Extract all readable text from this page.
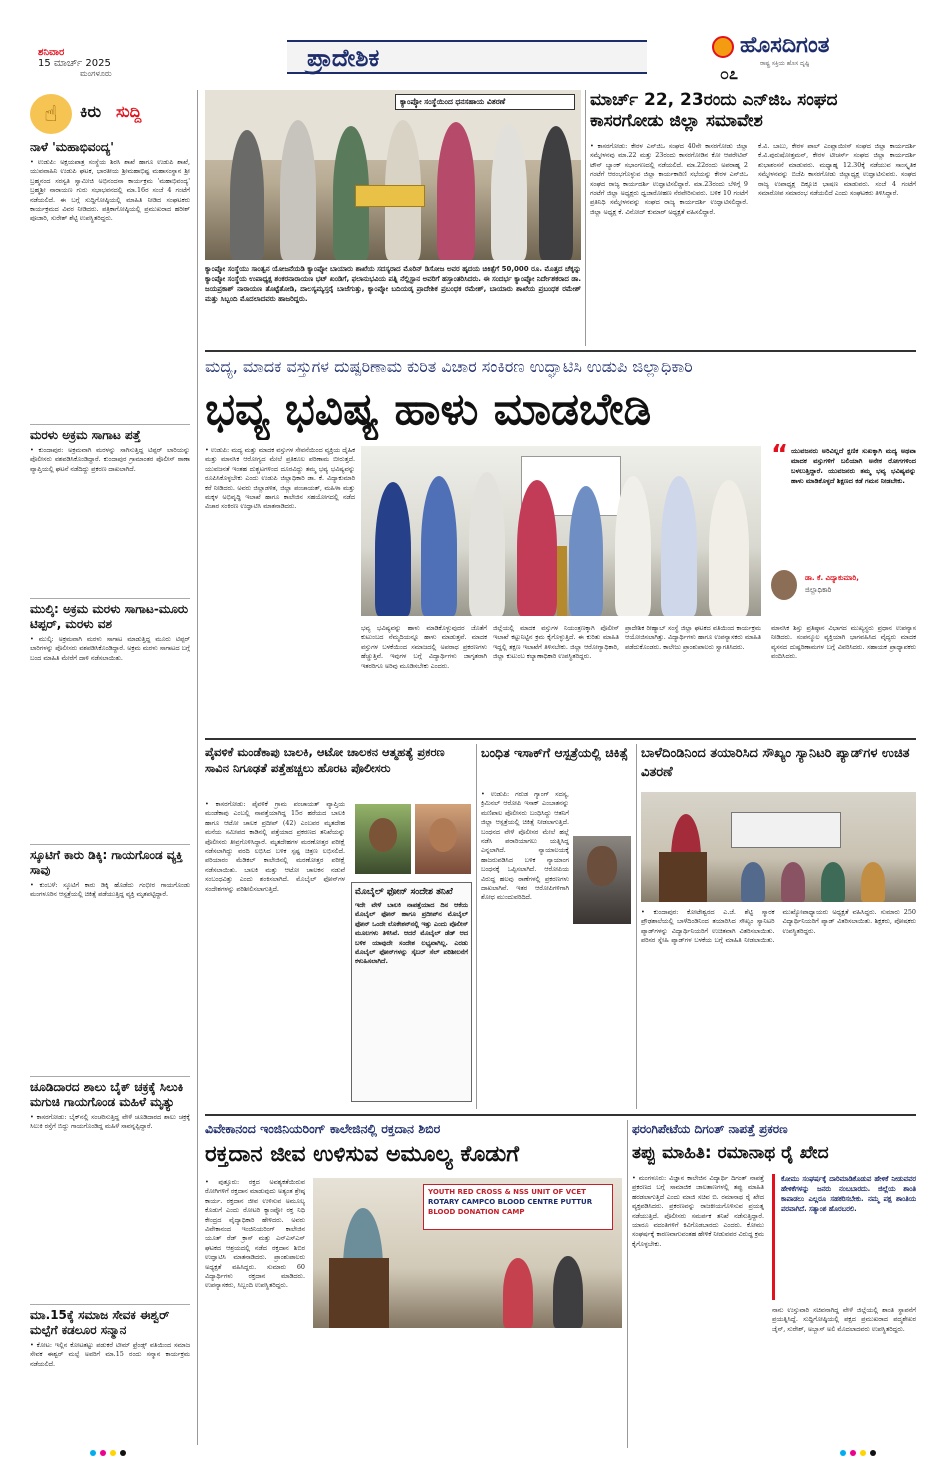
ಶನಿವಾರ
15 ಮಾರ್ಚ್ 2025
ಮಂಗಳೂರು
ಪ್ರಾದೇಶಿಕ	ಹೊಸದಿಗಂತ
ರಾಷ್ಟ್ರ ಸಕ್ತಿಯ ಹೊಸ ದೃಷ್ಟಿ
೦೭
☝	ಕಿರು ಸುದ್ದಿ
ನಾಳೆ 'ಮಹಾಭಿವಂದ್ಯ'
• ಉಡುಪಿ: ಅಕ್ಷಯಪಾತ್ರ ಸಂಸ್ಥೆಯ ಶಿರಸಿ ಶಾಖೆ ಹಾಗೂ ಉಡುಪಿ ಶಾಖೆ, ಯುವವಾಹಿನಿ ಉಡುಪಿ ಘಟಕ, ಭಾರತೀಯ ಶ್ರೀಮಹಾಭಿಷ್ಟ ಮಹಾಸಂಸ್ಥಾನ ಶ್ರೀ ಬ್ರಹ್ಮನಂದ ಸರಸ್ವತಿ ಸ್ವಾಮೀಜಿ ಅಭಿನಂದನಾ ಕಾರ್ಯಕ್ರಮ 'ಮಹಾಭಿವಂದ್ಯ' ಬ್ರಹ್ಮಶ್ರೀ ನಾರಾಯಣ ಗುರು ಸಭಾಭವನದಲ್ಲಿ ಮಾ.16ರ ಸಂಜೆ 4 ಗಂಟೆಗೆ ನಡೆಯಲಿದೆ. ಈ ಬಗ್ಗೆ ಸುದ್ದಿಗೋಷ್ಠಿಯಲ್ಲಿ ಮಾಹಿತಿ ನೀಡಿದ ಸಂಘಟಕರು ಕಾರ್ಯಕ್ರಮದ ವಿವರ ನೀಡಿದರು. ಪತ್ರಿಕಾಗೋಷ್ಠಿಯಲ್ಲಿ ಪ್ರಮುಖರಾದ ಹರೀಶ್ ಪೂಜಾರಿ, ಸುರೇಶ್ ಶೆಟ್ಟಿ ಉಪಸ್ಥಿತರಿದ್ದರು.
ಮರಳು ಅಕ್ರಮ ಸಾಗಾಟ ಪತ್ತೆ
• ಕುಂದಾಪುರ: ಅಕ್ರಮವಾಗಿ ಮರಳನ್ನು ಸಾಗಿಸುತ್ತಿದ್ದ ಟಿಪ್ಪರ್ ಲಾರಿಯನ್ನು ಪೊಲೀಸರು ವಶಪಡಿಸಿಕೊಂಡಿದ್ದಾರೆ. ಕುಂದಾಪುರ ಗ್ರಾಮಾಂತರ ಪೊಲೀಸ್ ಠಾಣಾ ವ್ಯಾಪ್ತಿಯಲ್ಲಿ ಘಟನೆ ನಡೆದಿದ್ದು ಪ್ರಕರಣ ದಾಖಲಾಗಿದೆ.
ಮುಲ್ಕಿ: ಅಕ್ರಮ ಮರಳು ಸಾಗಾಟ-ಮೂರು ಟಿಪ್ಪರ್, ಮರಳು ವಶ
• ಮುಲ್ಕಿ: ಅಕ್ರಮವಾಗಿ ಮರಳು ಸಾಗಾಟ ಮಾಡುತ್ತಿದ್ದ ಮೂರು ಟಿಪ್ಪರ್ ಲಾರಿಗಳನ್ನು ಪೊಲೀಸರು ವಶಪಡಿಸಿಕೊಂಡಿದ್ದಾರೆ. ಅಕ್ರಮ ಮರಳು ಸಾಗಾಟದ ಬಗ್ಗೆ ಬಂದ ಮಾಹಿತಿ ಮೇರೆಗೆ ದಾಳಿ ನಡೆಸಲಾಯಿತು.
ಸ್ಕೂಟಿಗೆ ಕಾರು ಡಿಕ್ಕಿ: ಗಾಯಗೊಂಡ ವ್ಯಕ್ತಿ ಸಾವು
• ಕುಂಬಳೆ: ಸ್ಕೂಟಿಗೆ ಕಾರು ಡಿಕ್ಕಿ ಹೊಡೆದು ಗಂಭೀರ ಗಾಯಗೊಂಡು ಮಂಗಳೂರಿನ ಆಸ್ಪತ್ರೆಯಲ್ಲಿ ಚಿಕಿತ್ಸೆ ಪಡೆಯುತ್ತಿದ್ದ ವ್ಯಕ್ತಿ ಮೃತಪಟ್ಟಿದ್ದಾರೆ.
ಚೂಡಿದಾರದ ಶಾಲು ಬೈಕ್ ಚಕ್ರಕ್ಕೆ ಸಿಲುಕಿ ಮಗುಚಿ ಗಾಯಗೊಂಡ ಮಹಿಳೆ ಮೃತ್ಯು
• ಕಾಸರಗೋಡು: ಬೈಕ್‌ನಲ್ಲಿ ಸಂಚರಿಸುತ್ತಿದ್ದ ವೇಳೆ ಚೂಡಿದಾರದ ಶಾಲು ಚಕ್ರಕ್ಕೆ ಸಿಲುಕಿ ರಸ್ತೆಗೆ ಬಿದ್ದು ಗಾಯಗೊಂಡಿದ್ದ ಮಹಿಳೆ ಸಾವನ್ನಪ್ಪಿದ್ದಾರೆ.
ಮಾ.15ಕ್ಕೆ ಸಮಾಜ ಸೇವಕ ಈಶ್ವರ್ ಮಲ್ಪೆಗೆ ಕಡಲೂರ ಸನ್ಮಾನ
• ಕೋಟ: ಇಲ್ಲಿನ ಕೋಟತಟ್ಟು ಪಡುಕರೆ ಟೀಮ್ ಫ್ರೆಂಡ್ಸ್ ವತಿಯಿಂದ ಸಮಾಜ ಸೇವಕ ಈಶ್ವರ್ ಮಲ್ಪೆ ಅವರಿಗೆ ಮಾ.15 ರಂದು ಸನ್ಮಾನ ಕಾರ್ಯಕ್ರಮ ನಡೆಯಲಿದೆ.
ಕ್ಯಾಂಪ್ಕೋ ಸಂಸ್ಥೆಯಿಂದ ಧನಸಹಾಯ ವಿತರಣೆ
ಕ್ಯಾಂಪ್ಕೋ ಸಂಸ್ಥೆಯು ಸಾಂತ್ವನ ಯೋಜನೆಯಡಿ ಕ್ಯಾಂಪ್ಕೋ ಬಾಯಾರು ಶಾಖೆಯ ಸದಸ್ಯರಾದ ಮೊರಿನ್ ಡಿಸೋಜ ಅವರ ಹೃದಯ ಚಿಕಿತ್ಸೆಗೆ 50,000 ರೂ. ಮೊತ್ತದ ಚೆಕ್ಕನ್ನು ಕ್ಯಾಂಪ್ಕೋ ಸಂಸ್ಥೆಯ ಉಪಾಧ್ಯಕ್ಷ ಶಂಕರನಾರಾಯಣ ಭಟ್ ಖಂಡಿಗೆ, ಫಲಾನುಭವಿಯ ಪತ್ನಿ ನೆಲ್ಲಿಸ್ಟಾನ ಅವರಿಗೆ ಹಸ್ತಾಂತರಿಸಿದರು. ಈ ಸಂದರ್ಭ ಕ್ಯಾಂಪ್ಕೋ ನಿರ್ದೇಶಕರಾದ ಡಾ. ಜಯಪ್ರಕಾಶ್ ನಾರಾಯಣ ತೊಟ್ಟೆತೋಡಿ, ದಾಲಸ್ಯಮ್ಯಸ್ತರೈ ಬಾಜೆಗುತ್ತು, ಕ್ಯಾಂಪ್ಕೋ ಬದಿಯಡ್ಕ ಪ್ರಾದೇಶಿಕ ಪ್ರಬಂಧಕ ರಮೇಶ್, ಬಾಯಾರು ಶಾಖೆಯ ಪ್ರಬಂಧಕ ರಮೇಶ್ ಮತ್ತು ಸಿಬ್ಬಂದಿ ಮೊದಲಾದವರು ಹಾಜರಿದ್ದರು.
ಮಾರ್ಚ್ 22, 23ರಂದು ಎನ್‌ಜಿಒ ಸಂಘದ ಕಾಸರಗೋಡು ಜಿಲ್ಲಾ ಸಮಾವೇಶ
• ಕಾಸರಗೋಡು: ಕೇರಳ ಎನ್‌ಜಿಒ ಸಂಘದ 40ನೇ ಕಾಸರಗೋಡು ಜಿಲ್ಲಾ ಸಮ್ಮೇಳನವು ಮಾ.22 ಮತ್ತು 23ರಂದು ಕಾಸರಗೋಡಿನ ಕೋ ಆಪರೇಟಿವ್ ಟೌನ್ ಬ್ಯಾಂಕ್ ಸಭಾಂಗಣದಲ್ಲಿ ನಡೆಯಲಿದೆ. ಮಾ.22ರಂದು ಅಪರಾಹ್ನ 2 ಗಂಟೆಗೆ ಆರಂಭಗೊಳ್ಳುವ ಜಿಲ್ಲಾ ಕಾರ್ಯಕಾರಿಣಿ ಸಭೆಯನ್ನು ಕೇರಳ ಎನ್‌ಜಿಒ ಸಂಘದ ರಾಜ್ಯ ಕಾರ್ಯದರ್ಶಿ ಉದ್ಘಾಟಿಸಲಿದ್ದಾರೆ. ಮಾ.23ರಂದು ಬೆಳಿಗ್ಗೆ 9 ಗಂಟೆಗೆ ಜಿಲ್ಲಾ ಅಧ್ಯಕ್ಷರು ಧ್ವಜಾರೋಹಣ ನೆರವೇರಿಸುವರು. ಬಳಿಕ 10 ಗಂಟೆಗೆ ಪ್ರತಿನಿಧಿ ಸಮ್ಮೇಳನವನ್ನು ಸಂಘದ ರಾಜ್ಯ ಕಾರ್ಯದರ್ಶಿ ಉದ್ಘಾಟಿಸಲಿದ್ದಾರೆ. ಜಿಲ್ಲಾ ಅಧ್ಯಕ್ಷ ಕೆ. ವಿನೋದ್ ಕುಮಾರ್ ಅಧ್ಯಕ್ಷತೆ ವಹಿಸಲಿದ್ದಾರೆ.
ಕೆ.ವಿ. ಬಾಬು, ಕೇರಳ ಪಾಲ್ ಎಂಪ್ಲಾಯೀಸ್ ಸಂಘದ ಜಿಲ್ಲಾ ಕಾರ್ಯದರ್ಶಿ ಕೆ.ವಿ.ಪುರುಷೋತ್ತಮನ್, ಕೇರಳ ಟೀಚರ್ಸ್ ಸಂಘದ ಜಿಲ್ಲಾ ಕಾರ್ಯದರ್ಶಿ ಶುಭಾಶಂಸನೆ ಮಾಡುವರು. ಮಧ್ಯಾಹ್ನ 12.30ಕ್ಕೆ ನಡೆಯುವ ಸಾಂಸ್ಕೃತಿಕ ಸಮ್ಮೇಳನವನ್ನು ಬಿಜೆಪಿ ಕಾಸರಗೋಡು ಜಿಲ್ಲಾಧ್ಯಕ್ಷ ಉದ್ಘಾಟಿಸುವರು. ಸಂಘದ ರಾಜ್ಯ ಉಪಾಧ್ಯಕ್ಷ ದಿಕ್ಸೂಚಿ ಭಾಷಣ ಮಾಡುವರು. ಸಂಜೆ 4 ಗಂಟೆಗೆ ಸಮಾರೋಪ ಸಮಾರಂಭ ನಡೆಯಲಿದೆ ಎಂದು ಸಂಘಟಕರು ತಿಳಿಸಿದ್ದಾರೆ.
ಮದ್ಯ, ಮಾದಕ ವಸ್ತುಗಳ ದುಷ್ಪರಿಣಾಮ ಕುರಿತ ವಿಚಾರ ಸಂಕಿರಣ ಉದ್ಘಾಟಿಸಿ ಉಡುಪಿ ಜಿಲ್ಲಾಧಿಕಾರಿ
ಭವ್ಯ ಭವಿಷ್ಯ ಹಾಳು ಮಾಡಬೇಡಿ
• ಉಡುಪಿ: ಮದ್ಯ ಮತ್ತು ಮಾದಕ ವಸ್ತುಗಳ ಸೇವನೆಯಿಂದ ವ್ಯಕ್ತಿಯ ದೈಹಿಕ ಮತ್ತು ಮಾನಸಿಕ ಆರೋಗ್ಯದ ಮೇಲೆ ಪ್ರತಿಕೂಲ ಪರಿಣಾಮ ಬೀರುತ್ತದೆ. ಯುವಜನತೆ ಇಂತಹ ದುಶ್ಚಟಗಳಿಂದ ದೂರವಿದ್ದು ತಮ್ಮ ಭವ್ಯ ಭವಿಷ್ಯವನ್ನು ರೂಪಿಸಿಕೊಳ್ಳಬೇಕು ಎಂದು ಉಡುಪಿ ಜಿಲ್ಲಾಧಿಕಾರಿ ಡಾ. ಕೆ. ವಿದ್ಯಾಕುಮಾರಿ ಕರೆ ನೀಡಿದರು. ಅವರು ಜಿಲ್ಲಾಡಳಿತ, ಜಿಲ್ಲಾ ಪಂಚಾಯತ್, ಮಹಿಳಾ ಮತ್ತು ಮಕ್ಕಳ ಅಭಿವೃದ್ಧಿ ಇಲಾಖೆ ಹಾಗೂ ಕಾಲೇಜಿನ ಸಹಯೋಗದಲ್ಲಿ ನಡೆದ ವಿಚಾರ ಸಂಕಿರಣ ಉದ್ಘಾಟಿಸಿ ಮಾತನಾಡಿದರು.
“ ಯುವಜನರು ಅರಿವಿಲ್ಲದೆ ಕ್ಷಣಿಕ ಸುಖಕ್ಕಾಗಿ ಮದ್ಯ ಅಥವಾ ಮಾದಕ ವಸ್ತುಗಳಿಗೆ ಬಲಿಯಾಗಿ ಅನೇಕ ರೋಗಗಳಿಂದ ಬಳಲುತ್ತಿದ್ದಾರೆ. ಯುವಜನರು ತಮ್ಮ ಭವ್ಯ ಭವಿಷ್ಯವನ್ನು ಹಾಳು ಮಾಡಿಕೊಳ್ಳದೆ ಶಿಕ್ಷಣದ ಕಡೆ ಗಮನ ನೀಡಬೇಕು.
ಡಾ. ಕೆ. ವಿದ್ಯಾಕುಮಾರಿ,
ಜಿಲ್ಲಾಧಿಕಾರಿ
ಭವ್ಯ ಭವಿಷ್ಯವನ್ನು ಹಾಳು ಮಾಡಿಕೊಳ್ಳುವುದರ ಜೊತೆಗೆ ಕುಟುಂಬದ ನೆಮ್ಮದಿಯನ್ನೂ ಹಾಳು ಮಾಡುತ್ತವೆ. ಮಾದಕ ವಸ್ತುಗಳ ಬಳಕೆಯಿಂದ ಸಮಾಜದಲ್ಲಿ ಅಪರಾಧ ಪ್ರಕರಣಗಳು ಹೆಚ್ಚುತ್ತಿವೆ. ಇವುಗಳ ಬಗ್ಗೆ ವಿದ್ಯಾರ್ಥಿಗಳು ಜಾಗೃತರಾಗಿ ಇತರರಿಗೂ ಅರಿವು ಮೂಡಿಸಬೇಕು ಎಂದರು.
ಜಿಲ್ಲೆಯಲ್ಲಿ ಮಾದಕ ವಸ್ತುಗಳ ನಿಯಂತ್ರಣಕ್ಕಾಗಿ ಪೊಲೀಸ್ ಇಲಾಖೆ ಕಟ್ಟುನಿಟ್ಟಿನ ಕ್ರಮ ಕೈಗೊಳ್ಳುತ್ತಿದೆ. ಈ ಕುರಿತು ಮಾಹಿತಿ ಇದ್ದಲ್ಲಿ ತಕ್ಷಣ ಇಲಾಖೆಗೆ ತಿಳಿಸಬೇಕು. ಜಿಲ್ಲಾ ಆರೋಗ್ಯಾಧಿಕಾರಿ, ಜಿಲ್ಲಾ ಕುಟುಂಬ ಕಲ್ಯಾಣಾಧಿಕಾರಿ ಉಪಸ್ಥಿತರಿದ್ದರು.
ಪ್ರಾದೇಶಿಕ ರೀಹ್ಯಾಬ್ ಸಂಸ್ಥೆ ಜಿಲ್ಲಾ ಘಟಕದ ವತಿಯಿಂದ ಕಾರ್ಯಕ್ರಮ ಆಯೋಜಿಸಲಾಗಿತ್ತು. ವಿದ್ಯಾರ್ಥಿಗಳು ಹಾಗೂ ಉಪನ್ಯಾಸಕರು ಮಾಹಿತಿ ಪಡೆದುಕೊಂಡರು. ಕಾಲೇಜು ಪ್ರಾಂಶುಪಾಲರು ಸ್ವಾಗತಿಸಿದರು.
ಮಾನಸಿಕ ಶಿಸ್ತು ಪ್ರತಿಷ್ಠಾನ ವಿಭಾಗದ ಮುಖ್ಯಸ್ಥರು ಪ್ರಧಾನ ಉಪನ್ಯಾಸ ನೀಡಿದರು. ಸಂಪನ್ಮೂಲ ವ್ಯಕ್ತಿಯಾಗಿ ಭಾಗವಹಿಸಿದ ವೈದ್ಯರು ಮಾದಕ ವ್ಯಸನದ ದುಷ್ಪರಿಣಾಮಗಳ ಬಗ್ಗೆ ವಿವರಿಸಿದರು. ಸಹಾಯಕ ಪ್ರಾಧ್ಯಾಪಕರು ವಂದಿಸಿದರು.
ಪೈವಳಿಕೆ ಮಂಡೆಕಾಪು ಬಾಲಕಿ, ಆಟೋ ಚಾಲಕನ ಆತ್ಮಹತ್ಯೆ ಪ್ರಕರಣ ಸಾವಿನ ನಿಗೂಢತೆ ಪತ್ತೆಹಚ್ಚಲು ಹೊರಟ ಪೊಲೀಸರು
• ಕಾಸರಗೋಡು: ಪೈವಳಿಕೆ ಗ್ರಾಮ ಪಂಚಾಯತ್ ವ್ಯಾಪ್ತಿಯ ಮಂಡೆಕಾಪು ಎಂಬಲ್ಲಿ ನಾಪತ್ತೆಯಾಗಿದ್ದ 15ರ ಹರೆಯದ ಬಾಲಕಿ ಹಾಗೂ ಆಟೋ ಚಾಲಕ ಪ್ರದೀಪ್ (42) ಎಂಬವರ ಮೃತದೇಹ ಮನೆಯ ಸಮೀಪದ ಕಾಡಿನಲ್ಲಿ ಪತ್ತೆಯಾದ ಪ್ರಕರಣದ ತನಿಖೆಯನ್ನು ಪೊಲೀಸರು ತೀವ್ರಗೊಳಿಸಿದ್ದಾರೆ. ಮೃತದೇಹಗಳ ಮರಣೋತ್ತರ ಪರೀಕ್ಷೆ ನಡೆಸಲಾಗಿದ್ದು ವರದಿ ಲಭಿಸಿದ ಬಳಿಕ ಸ್ಪಷ್ಟ ಚಿತ್ರಣ ಲಭಿಸಲಿದೆ. ಪರಿಯಾರಂ ಮೆಡಿಕಲ್ ಕಾಲೇಜಿನಲ್ಲಿ ಮರಣೋತ್ತರ ಪರೀಕ್ಷೆ ನಡೆಸಲಾಯಿತು. ಬಾಲಕಿ ಮತ್ತು ಆಟೋ ಚಾಲಕನ ನಡುವೆ ಸಂಬಂಧವಿತ್ತು ಎಂದು ಶಂಕಿಸಲಾಗಿದೆ. ಮೊಬೈಲ್ ಫೋನ್‌ಗಳ ಸಂದೇಶಗಳನ್ನು ಪರಿಶೀಲಿಸಲಾಗುತ್ತಿದೆ.	ಮೊಬೈಲ್ ಫೋನ್ ಸಂದೇಶ ತನಿಖೆ
ಇದೇ ವೇಳೆ ಬಾಲಕಿ ನಾಪತ್ತೆಯಾದ ದಿನ ಆಕೆಯ ಮೊಬೈಲ್ ಫೋನ್ ಹಾಗೂ ಪ್ರದೀಪ್‌ನ ಮೊಬೈಲ್ ಫೋನ್ ಒಂದೇ ಲೊಕೇಶನ್‌ನಲ್ಲಿ ಇತ್ತು ಎಂದು ಪೊಲೀಸ್ ಮೂಲಗಳು ತಿಳಿಸಿವೆ. ಆದರೆ ಮೊಬೈಲ್ ಡೆಡ್ ಆದ ಬಳಿಕ ಯಾವುದೇ ಸಂದೇಶ ಲಭ್ಯವಾಗಿಲ್ಲ. ಎರಡು ಮೊಬೈಲ್ ಫೋನ್‌ಗಳನ್ನು ಸೈಬರ್ ಸೆಲ್ ಪರಿಶೀಲನೆಗೆ ಕಳುಹಿಸಲಾಗಿದೆ.
ಬಂಧಿತ ಇಸಾಕ್‌ಗೆ ಆಸ್ಪತ್ರೆಯಲ್ಲಿ ಚಿಕಿತ್ಸೆ
• ಉಡುಪಿ: ಗರುಡ ಗ್ಯಾಂಗ್ ಸದಸ್ಯ, ಕ್ರಿಮಿನಲ್ ಆರೋಪಿ ಇಸಾಕ್ ಎಂಬಾತನನ್ನು ಮಣಿಪಾಲ ಪೊಲೀಸರು ಬಂಧಿಸಿದ್ದು ಆತನಿಗೆ ಜಿಲ್ಲಾ ಆಸ್ಪತ್ರೆಯಲ್ಲಿ ಚಿಕಿತ್ಸೆ ನೀಡಲಾಗುತ್ತಿದೆ. ಬಂಧನದ ವೇಳೆ ಪೊಲೀಸರ ಮೇಲೆ ಹಲ್ಲೆ ನಡೆಸಿ ಪರಾರಿಯಾಗಲು ಯತ್ನಿಸಿದ್ದ ಎನ್ನಲಾಗಿದೆ. ನ್ಯಾಯಾಲಯಕ್ಕೆ ಹಾಜರುಪಡಿಸಿದ ಬಳಿಕ ನ್ಯಾಯಾಂಗ ಬಂಧನಕ್ಕೆ ಒಪ್ಪಿಸಲಾಗಿದೆ. ಆರೋಪಿಯ ವಿರುದ್ಧ ಹಲವು ಠಾಣೆಗಳಲ್ಲಿ ಪ್ರಕರಣಗಳು ದಾಖಲಾಗಿವೆ. ಇತರ ಆರೋಪಿಗಳಿಗಾಗಿ ಶೋಧ ಮುಂದುವರಿದಿದೆ.
ಬಾಳೆದಿಂಡಿನಿಂದ ತಯಾರಿಸಿದ ಸೌಖ್ಯಂ ಸ್ಯಾನಿಟರಿ ಪ್ಯಾಡ್‌ಗಳ ಉಚಿತ ವಿತರಣೆ
• ಕುಂದಾಪುರ: ಕೋಟೇಶ್ವರದ ಎ.ಜೆ. ಶೆಟ್ಟಿ ಸ್ಮಾರಕ ಪ್ರೌಢಶಾಲೆಯಲ್ಲಿ ಬಾಳೆದಿಂಡಿನಿಂದ ತಯಾರಿಸಿದ ಸೌಖ್ಯಂ ಸ್ಯಾನಿಟರಿ ಪ್ಯಾಡ್‌ಗಳನ್ನು ವಿದ್ಯಾರ್ಥಿನಿಯರಿಗೆ ಉಚಿತವಾಗಿ ವಿತರಿಸಲಾಯಿತು. ಪರಿಸರ ಸ್ನೇಹಿ ಪ್ಯಾಡ್‌ಗಳ ಬಳಕೆಯ ಬಗ್ಗೆ ಮಾಹಿತಿ ನೀಡಲಾಯಿತು. ಮುಖ್ಯೋಪಾಧ್ಯಾಯರು ಅಧ್ಯಕ್ಷತೆ ವಹಿಸಿದ್ದರು. ಸುಮಾರು 250 ವಿದ್ಯಾರ್ಥಿನಿಯರಿಗೆ ಪ್ಯಾಡ್ ವಿತರಿಸಲಾಯಿತು. ಶಿಕ್ಷಕರು, ಪೋಷಕರು ಉಪಸ್ಥಿತರಿದ್ದರು.
ವಿವೇಕಾನಂದ ಇಂಜಿನಿಯರಿಂಗ್ ಕಾಲೇಜಿನಲ್ಲಿ ರಕ್ತದಾನ ಶಿಬಿರ
ರಕ್ತದಾನ ಜೀವ ಉಳಿಸುವ ಅಮೂಲ್ಯ ಕೊಡುಗೆ
• ಪುತ್ತೂರು: ರಕ್ತದ ಅವಶ್ಯಕತೆಯಿರುವ ರೋಗಿಗಳಿಗೆ ರಕ್ತದಾನ ಮಾಡುವುದು ಅತ್ಯಂತ ಶ್ರೇಷ್ಠ ಕಾರ್ಯ. ರಕ್ತದಾನ ಜೀವ ಉಳಿಸುವ ಅಮೂಲ್ಯ ಕೊಡುಗೆ ಎಂದು ರೋಟರಿ ಕ್ಯಾಂಪ್ಕೋ ರಕ್ತ ನಿಧಿ ಕೇಂದ್ರದ ವೈದ್ಯಾಧಿಕಾರಿ ಹೇಳಿದರು. ಅವರು ವಿವೇಕಾನಂದ ಇಂಜಿನಿಯರಿಂಗ್ ಕಾಲೇಜಿನ ಯೂತ್ ರೆಡ್ ಕ್ರಾಸ್ ಮತ್ತು ಎನ್‌ಎಸ್‌ಎಸ್ ಘಟಕದ ಆಶ್ರಯದಲ್ಲಿ ನಡೆದ ರಕ್ತದಾನ ಶಿಬಿರ ಉದ್ಘಾಟಿಸಿ ಮಾತನಾಡಿದರು. ಪ್ರಾಂಶುಪಾಲರು ಅಧ್ಯಕ್ಷತೆ ವಹಿಸಿದ್ದರು. ಸುಮಾರು 60 ವಿದ್ಯಾರ್ಥಿಗಳು ರಕ್ತದಾನ ಮಾಡಿದರು. ಉಪನ್ಯಾಸಕರು, ಸಿಬ್ಬಂದಿ ಉಪಸ್ಥಿತರಿದ್ದರು.
YOUTH RED CROSS & NSS UNIT OF VCET
ROTARY CAMPCO BLOOD CENTRE PUTTUR
BLOOD DONATION CAMP
ಫರಂಗಿಪೇಟೆಯ ದಿಗಂತ್ ನಾಪತ್ತೆ ಪ್ರಕರಣ
ತಪ್ಪು ಮಾಹಿತಿ: ರಮಾನಾಥ ರೈ ಖೇದ
• ಮಂಗಳೂರು: ವಿಜ್ಞಾನ ಕಾಲೇಜಿನ ವಿದ್ಯಾರ್ಥಿ ದಿಗಂತ್ ನಾಪತ್ತೆ ಪ್ರಕರಣದ ಬಗ್ಗೆ ಸಾಮಾಜಿಕ ಜಾಲತಾಣಗಳಲ್ಲಿ ತಪ್ಪು ಮಾಹಿತಿ ಹರಡಲಾಗುತ್ತಿದೆ ಎಂದು ಮಾಜಿ ಸಚಿವ ಬಿ. ರಮಾನಾಥ ರೈ ಖೇದ ವ್ಯಕ್ತಪಡಿಸಿದರು. ಪ್ರಕರಣವನ್ನು ರಾಜಕೀಯಗೊಳಿಸುವ ಪ್ರಯತ್ನ ನಡೆಯುತ್ತಿದೆ. ಪೊಲೀಸರು ಸಮರ್ಪಕ ತನಿಖೆ ನಡೆಸುತ್ತಿದ್ದಾರೆ. ಯಾರೂ ವದಂತಿಗಳಿಗೆ ಕಿವಿಗೊಡಬಾರದು ಎಂದರು. ಕೋಮು ಸಂಘರ್ಷಕ್ಕೆ ಕಾರಣವಾಗುವಂತಹ ಹೇಳಿಕೆ ನೀಡುವವರ ವಿರುದ್ಧ ಕ್ರಮ ಕೈಗೊಳ್ಳಬೇಕು.
ಕೋಮು ಸಂಘರ್ಷಕ್ಕೆ ದಾರಿಮಾಡಿಕೊಡುವ ಹೇಳಿಕೆ ನೀಡುವವರ ಹೇಳಿಕೆಗಳನ್ನು ಜನರು ನಂಬಬಾರದು. ಜಿಲ್ಲೆಯ ಶಾಂತಿ ಕಾಪಾಡಲು ಎಲ್ಲರೂ ಸಹಕರಿಸಬೇಕು. ನಮ್ಮ ಪಕ್ಷ ಶಾಂತಿಯ ಪರವಾಗಿದೆ. ಸತ್ಯಾಂಶ ಹೊರಬರಲಿ.
ನಾನು ಉಸ್ತುವಾರಿ ಸಚಿವನಾಗಿದ್ದ ವೇಳೆ ಜಿಲ್ಲೆಯಲ್ಲಿ ಶಾಂತಿ ಸ್ಥಾಪನೆಗೆ ಪ್ರಯತ್ನಿಸಿದ್ದೆ. ಸುದ್ದಿಗೋಷ್ಠಿಯಲ್ಲಿ ಪಕ್ಷದ ಪ್ರಮುಖರಾದ ಪದ್ಮಶೇಖರ ಜೈನ್, ಸುರೇಶ್, ಅಬ್ಬಾಸ್ ಅಲಿ ಮೊದಲಾದವರು ಉಪಸ್ಥಿತರಿದ್ದರು.
